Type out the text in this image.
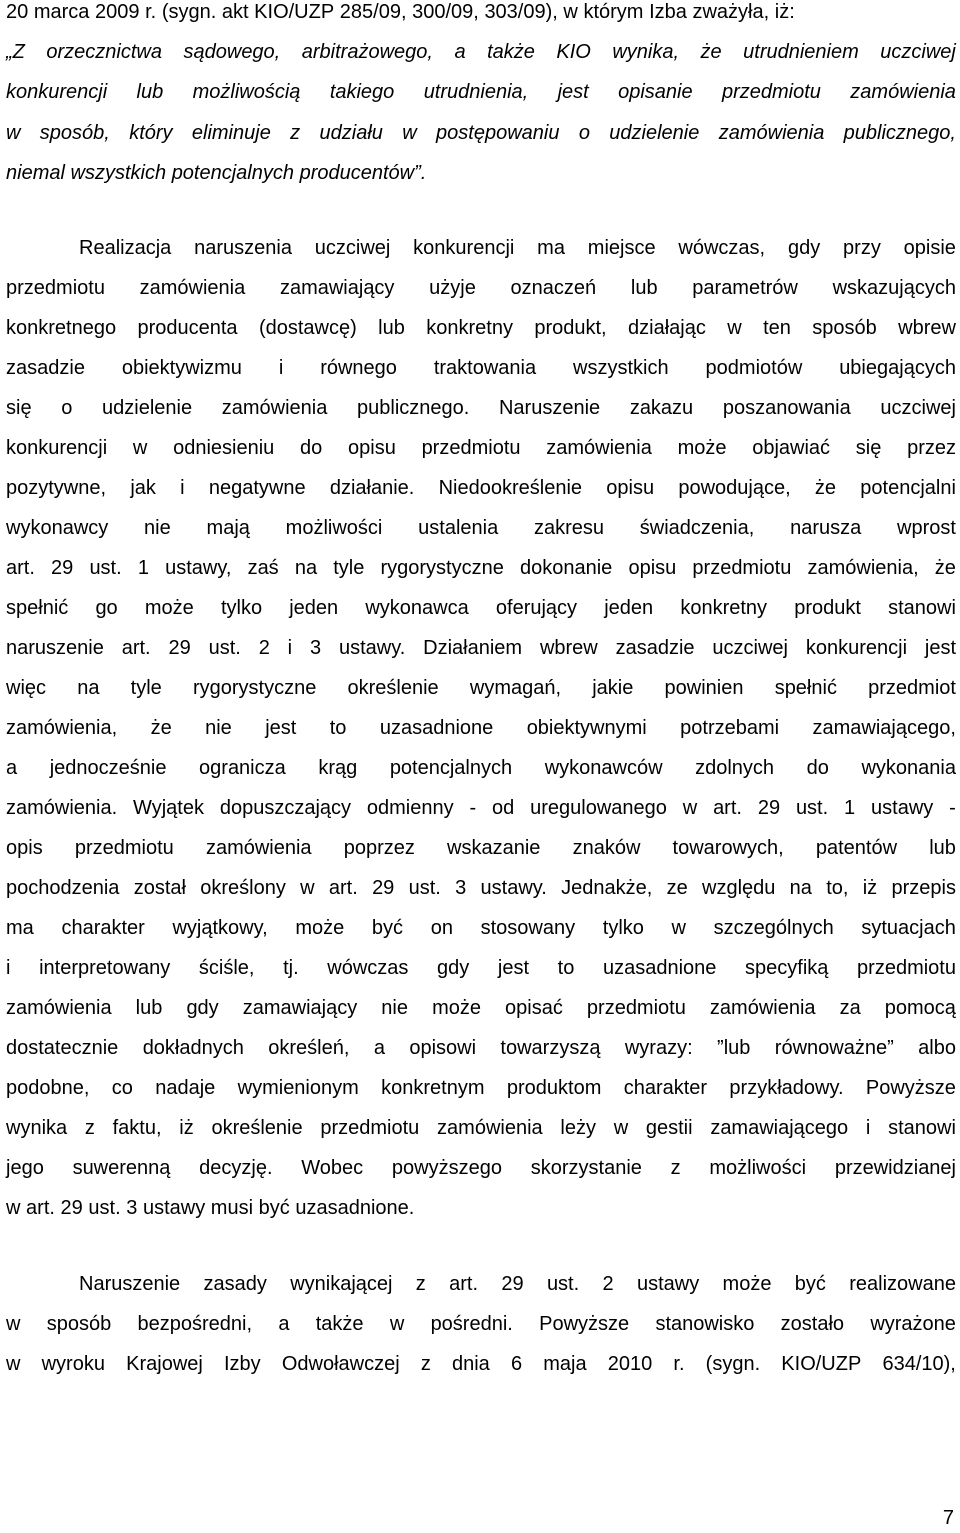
20 marca 2009 r. (sygn. akt KIO/UZP 285/09, 300/09, 303/09), w którym Izba zważyła, iż:
„Z orzecznictwa sądowego, arbitrażowego, a także KIO wynika, że utrudnieniem uczciwej
konkurencji lub możliwością takiego utrudnienia, jest opisanie przedmiotu zamówienia
w sposób, który eliminuje z udziału w postępowaniu o udzielenie zamówienia publicznego,
niemal wszystkich potencjalnych producentów”.
Realizacja naruszenia uczciwej konkurencji ma miejsce wówczas, gdy przy opisie
przedmiotu zamówienia zamawiający użyje oznaczeń lub parametrów wskazujących
konkretnego producenta (dostawcę) lub konkretny produkt, działając w ten sposób wbrew
zasadzie obiektywizmu i równego traktowania wszystkich podmiotów ubiegających
się o udzielenie zamówienia publicznego. Naruszenie zakazu poszanowania uczciwej
konkurencji w odniesieniu do opisu przedmiotu zamówienia może objawiać się przez
pozytywne, jak i negatywne działanie. Niedookreślenie opisu powodujące, że potencjalni
wykonawcy nie mają możliwości ustalenia zakresu świadczenia, narusza wprost
art. 29 ust. 1 ustawy, zaś na tyle rygorystyczne dokonanie opisu przedmiotu zamówienia, że
spełnić go może tylko jeden wykonawca oferujący jeden konkretny produkt stanowi
naruszenie art. 29 ust. 2 i 3 ustawy. Działaniem wbrew zasadzie uczciwej konkurencji jest
więc na tyle rygorystyczne określenie wymagań, jakie powinien spełnić przedmiot
zamówienia, że nie jest to uzasadnione obiektywnymi potrzebami zamawiającego,
a jednocześnie ogranicza krąg potencjalnych wykonawców zdolnych do wykonania
zamówienia. Wyjątek dopuszczający odmienny - od uregulowanego w art. 29 ust. 1 ustawy -
opis przedmiotu zamówienia poprzez wskazanie znaków towarowych, patentów lub
pochodzenia został określony w art. 29 ust. 3 ustawy. Jednakże, ze względu na to, iż przepis
ma charakter wyjątkowy, może być on stosowany tylko w szczególnych sytuacjach
i interpretowany ściśle, tj. wówczas gdy jest to uzasadnione specyfiką przedmiotu
zamówienia lub gdy zamawiający nie może opisać przedmiotu zamówienia za pomocą
dostatecznie dokładnych określeń, a opisowi towarzyszą wyrazy: ”lub równoważne” albo
podobne, co nadaje wymienionym konkretnym produktom charakter przykładowy. Powyższe
wynika z faktu, iż określenie przedmiotu zamówienia leży w gestii zamawiającego i stanowi
jego suwerenną decyzję. Wobec powyższego skorzystanie z możliwości przewidzianej
w art. 29 ust. 3 ustawy musi być uzasadnione.
Naruszenie zasady wynikającej z art. 29 ust. 2 ustawy może być realizowane
w sposób bezpośredni, a także w pośredni. Powyższe stanowisko zostało wyrażone
w wyroku Krajowej Izby Odwoławczej z dnia 6 maja 2010 r. (sygn. KIO/UZP 634/10),
7
